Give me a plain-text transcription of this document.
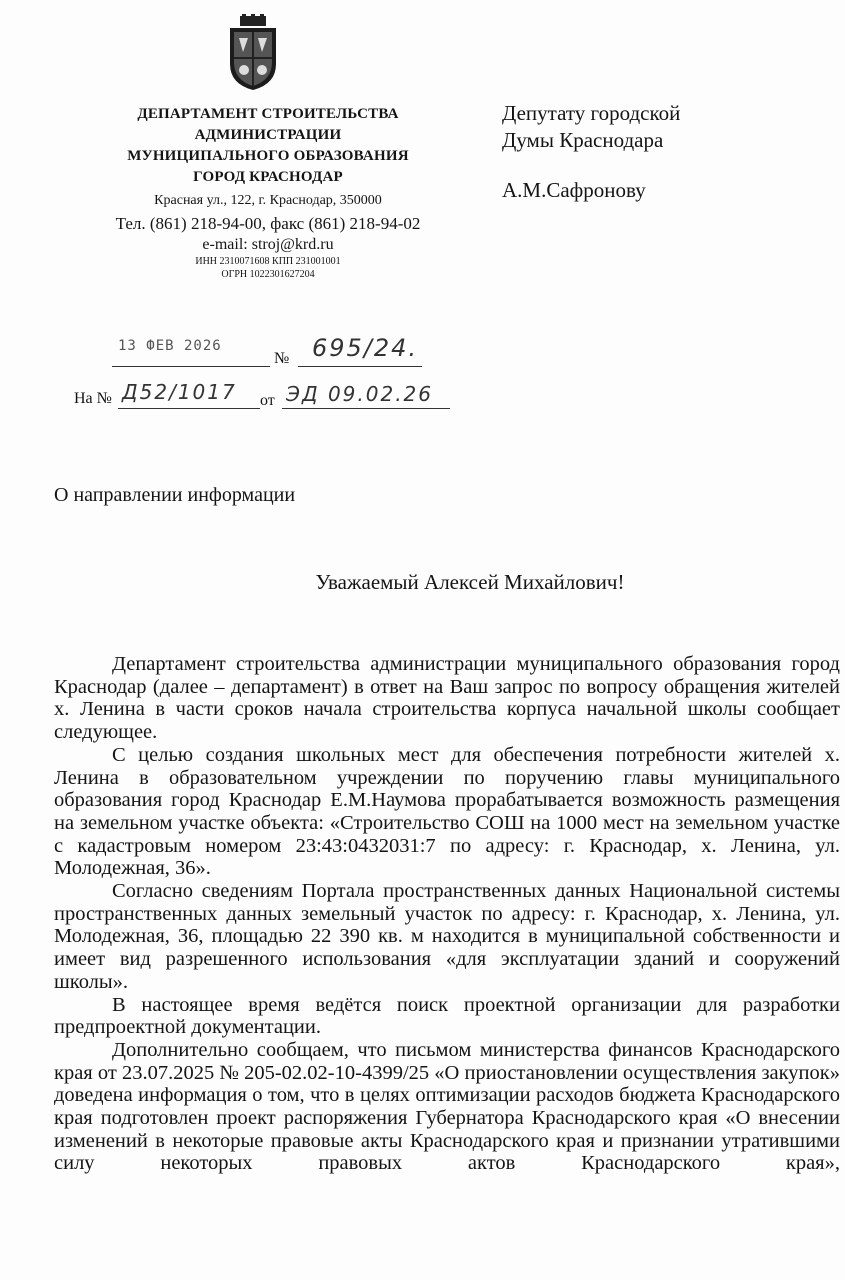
ДЕПАРТАМЕНТ СТРОИТЕЛЬСТВА
АДМИНИСТРАЦИИ
МУНИЦИПАЛЬНОГО ОБРАЗОВАНИЯ
ГОРОД КРАСНОДАР
Красная ул., 122, г. Краснодар, 350000
Тел. (861) 218-94-00, факс (861) 218-94-02
e-mail: stroj@krd.ru
ИНН 2310071608 КПП 231001001
ОГРН 1022301627204
Депутату городской
Думы Краснодара
А.М.Сафронову
13 ФЕВ 2026
№ 695/24.
На № Д52/1017 от ЭД 09.02.26
О направлении информации
Уважаемый Алексей Михайлович!

Департамент строительства администрации муниципального образования город Краснодар (далее – департамент) в ответ на Ваш запрос по вопросу обращения жителей х. Ленина в части сроков начала строительства корпуса начальной школы сообщает следующее.

С целью создания школьных мест для обеспечения потребности жителей х. Ленина в образовательном учреждении по поручению главы муниципального образования город Краснодар Е.М.Наумова прорабатывается возможность размещения на земельном участке объекта: «Строительство СОШ на 1000 мест на земельном участке с кадастровым номером 23:43:0432031:7 по адресу: г. Краснодар, х. Ленина, ул. Молодежная, 36».

Согласно сведениям Портала пространственных данных Национальной системы пространственных данных земельный участок по адресу: г. Краснодар, х. Ленина, ул. Молодежная, 36, площадью 22 390 кв. м находится в муниципальной собственности и имеет вид разрешенного использования «для эксплуатации зданий и сооружений школы».

В настоящее время ведётся поиск проектной организации для разработки предпроектной документации.

Дополнительно сообщаем, что письмом министерства финансов Краснодарского края от 23.07.2025 № 205-02.02-10-4399/25 «О приостановлении осуществления закупок» доведена информация о том, что в целях оптимизации расходов бюджета Краснодарского края подготовлен проект распоряжения Губернатора Краснодарского края «О внесении изменений в некоторые правовые акты Краснодарского края и признании утратившими силу некоторых правовых актов Краснодарского края»,
